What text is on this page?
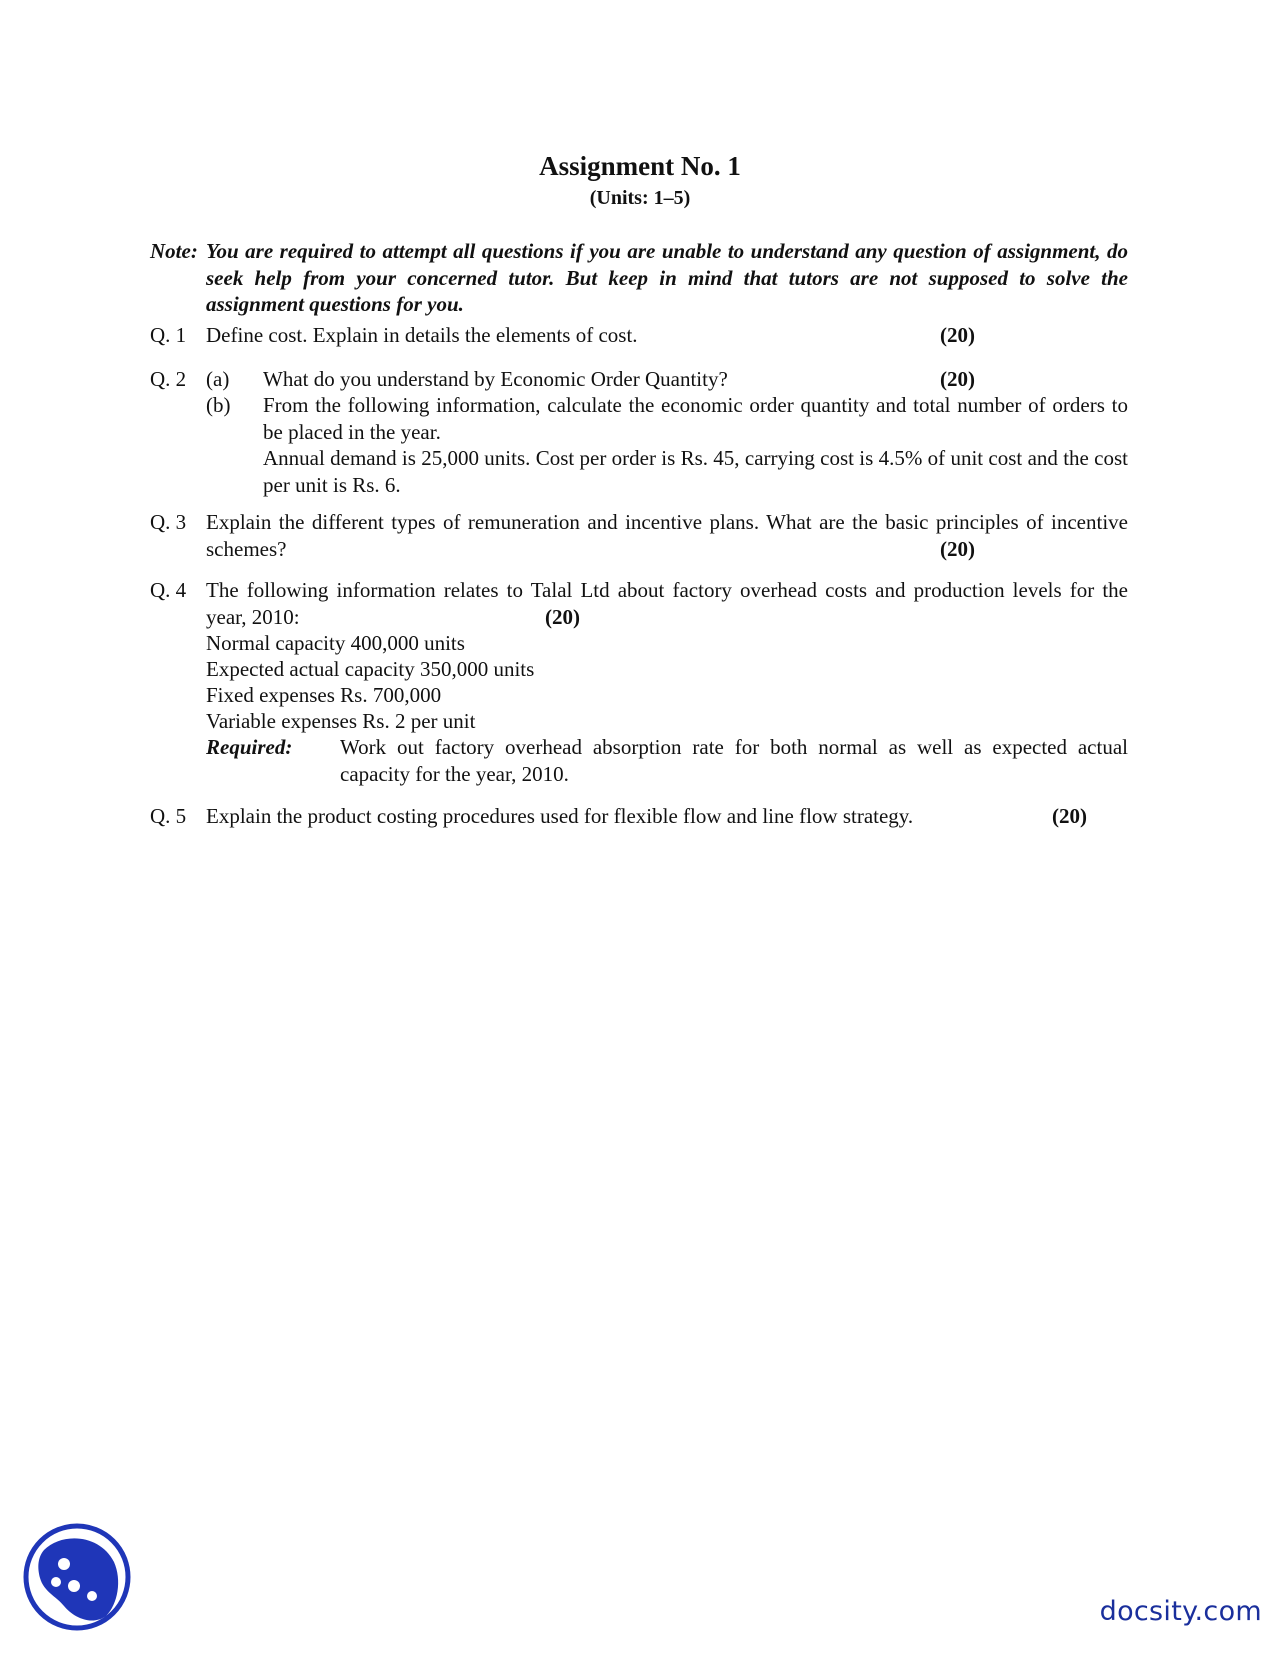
Assignment No. 1
(Units: 1–5)
Note: You are required to attempt all questions if you are unable to understand any question of assignment, do seek help from your concerned tutor. But keep in mind that tutors are not supposed to solve the assignment questions for you.
Q. 1 Define cost. Explain in details the elements of cost.	(20)
Q. 2 (a) What do you understand by Economic Order Quantity?	(20)
(b) From the following information, calculate the economic order quantity and total number of orders to be placed in the year.
Annual demand is 25,000 units. Cost per order is Rs. 45, carrying cost is 4.5% of unit cost and the cost per unit is Rs. 6.
Q. 3 Explain the different types of remuneration and incentive plans. What are the basic principles of incentive schemes?	(20)
Q. 4 The following information relates to Talal Ltd about factory overhead costs and production levels for the year, 2010:	(20)
Normal capacity 400,000 units
Expected actual capacity 350,000 units
Fixed expenses Rs. 700,000
Variable expenses Rs. 2 per unit
Required: Work out factory overhead absorption rate for both normal as well as expected actual capacity for the year, 2010.
Q. 5 Explain the product costing procedures used for flexible flow and line flow strategy.	(20)
docsity.com
